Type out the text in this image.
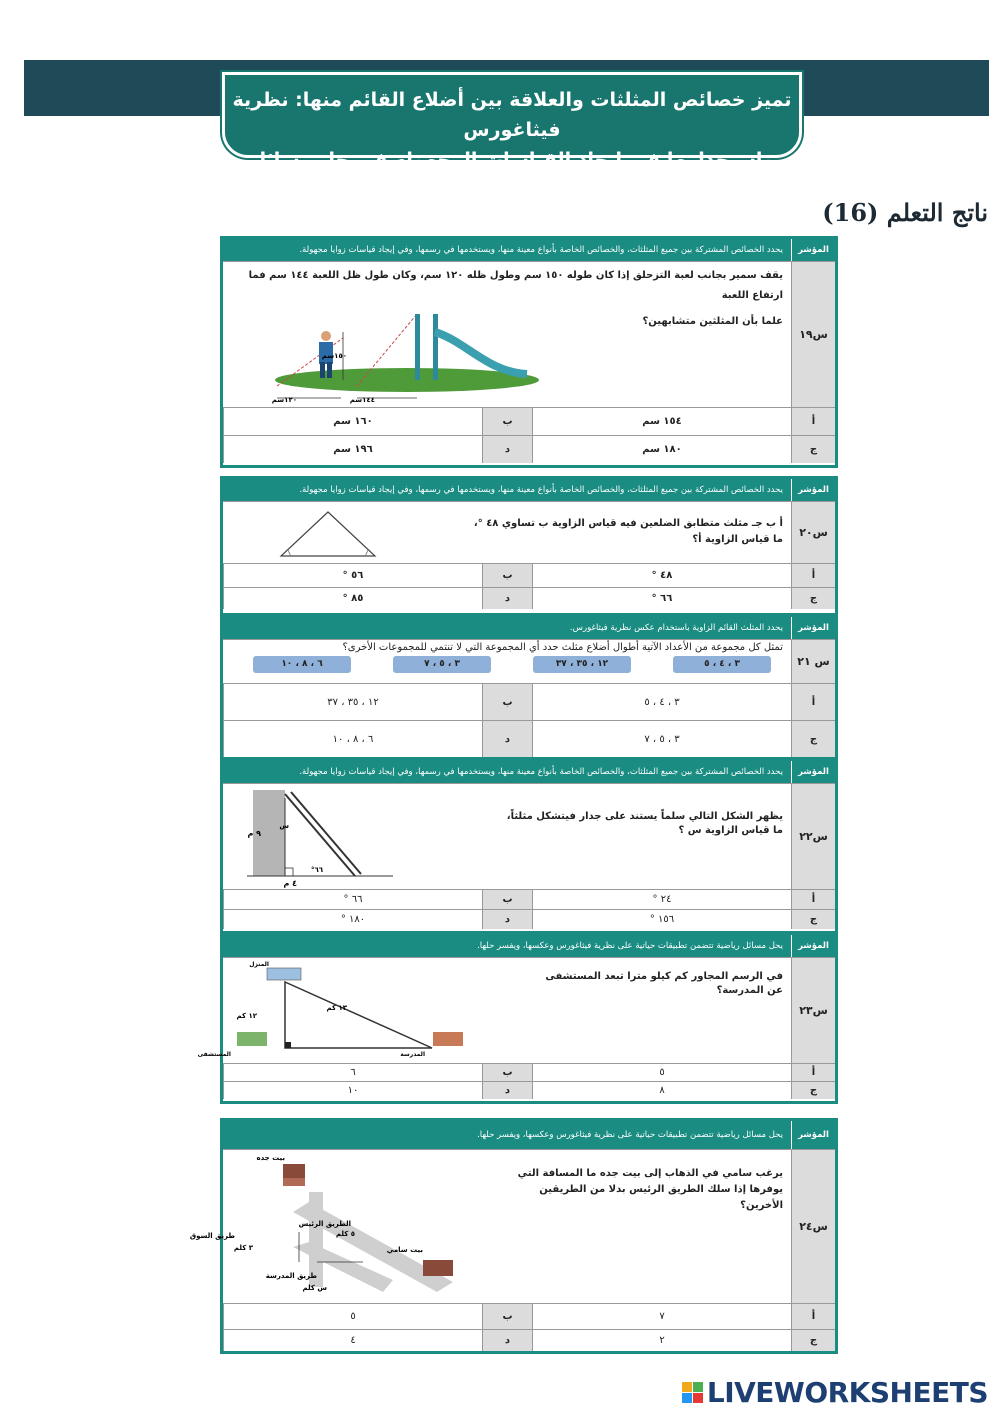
تميز خصائص المثلثات والعلاقة بين أضلاع القائم منها: نظرية فيثاغورس
واستخدامها في إيجاد القياسات المجهولة في حل مسائل رياضية
ناتج التعلم (16)
المؤشر
يحدد الخصائص المشتركة بين جميع المثلثات، والخصائص الخاصة بأنواع معينة منها، ويستخدمها في رسمها، وفي إيجاد قياسات زوايا مجهولة.
س١٩
يقف سمير بجانب لعبة التزحلق إذا كان طوله ١٥٠ سم وطول ظله ١٢٠ سم، وكان طول ظل اللعبة ١٤٤ سم فما ارتفاع اللعبة
علما بأن المثلثين متشابهين؟
١٥٠سم
١٢٠سم	١٤٤سم
أ
١٥٤ سم
ب
١٦٠ سم
ج
١٨٠ سم
د
١٩٦ سم
المؤشر
يحدد الخصائص المشتركة بين جميع المثلثات، والخصائص الخاصة بأنواع معينة منها، ويستخدمها في رسمها، وفي إيجاد قياسات زوايا مجهولة.
س٢٠
أ ب جـ مثلث متطابق الضلعين فيه قياس الزاوية ب تساوي ٤٨ °،
ما قياس الزاوية أ؟
أ
٤٨ °
ب
٥٦ °
ج
٦٦ °
د
٨٥ °
المؤشر
يحدد المثلث القائم الزاوية باستخدام عكس نظرية فيثاغورس.
س ٢١
تمثل كل مجموعة من الأعداد الآتية أطوال أضلاع مثلث حدد أي المجموعة التي لا تنتمي للمجموعات الأخرى؟
٣ ، ٤ ، ٥
١٢ ، ٣٥ ، ٣٧
٣ ، ٥ ، ٧
٦ ، ٨ ، ١٠
أ
٣ ، ٤ ، ٥
ب
١٢ ، ٣٥ ، ٣٧
ج
٣ ، ٥ ، ٧
د
٦ ، ٨ ، ١٠
المؤشر
يحدد الخصائص المشتركة بين جميع المثلثات، والخصائص الخاصة بأنواع معينة منها، ويستخدمها في رسمها، وفي إيجاد قياسات زوايا مجهولة.
س٢٢
يظهر الشكل التالي سلماً يستند على جدار فيتشكل مثلثاً،
ما قياس الزاوية س ؟
٩ م
٤ م
٦٦°
س
أ
٢٤ °
ب
٦٦ °
ج
١٥٦ °
د
١٨٠ °
المؤشر
يحل مسائل رياضية تتضمن تطبيقات حياتية على نظرية فيثاغورس وعكسها، ويفسر حلها.
س٢٣
في الرسم المجاور كم كيلو مترا تبعد المستشفى
عن المدرسة؟
١٣ كم
١٢ كم
المنزل
المستشفى	المدرسة
أ
٥
ب
٦
ج
٨
د
١٠
المؤشر
يحل مسائل رياضية تتضمن تطبيقات حياتية على نظرية فيثاغورس وعكسها، ويفسر حلها.
س٢٤
يرغب سامي في الذهاب إلى بيت جده ما المسافة التي
يوفرها إذا سلك الطريق الرئيس بدلا من الطريقين
الأخرين؟
بيت جده
الطريق الرئيس
٥ كلم
بيت سامي
طريق السوق
٣ كلم
طريق المدرسة
س كلم
أ
٧
ب
٥
ج
٢
د
٤
LIVEWORKSHEETS
